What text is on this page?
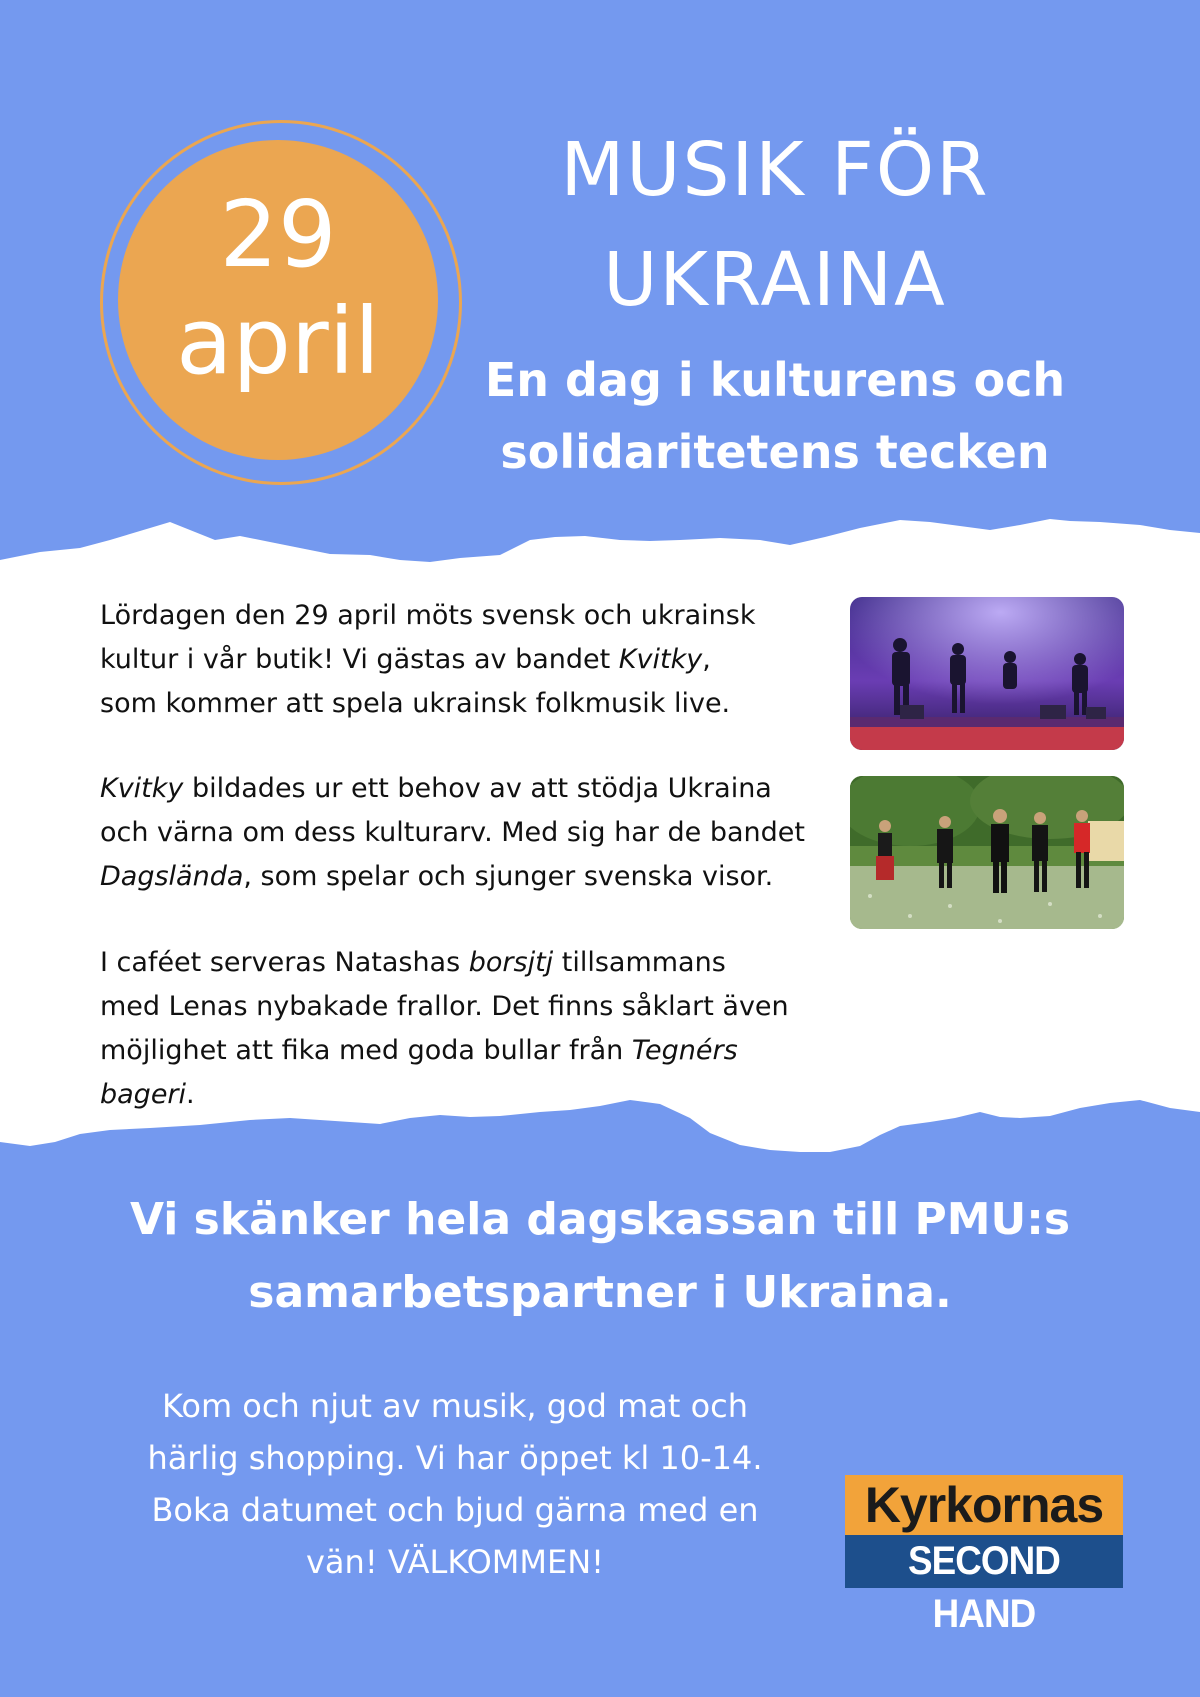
29
april
MUSIK FÖR
UKRAINA
En dag i kulturens och
solidaritetens tecken
Lördagen den 29 april möts svensk och ukrainsk
kultur i vår butik! Vi gästas av bandet Kvitky,
som kommer att spela ukrainsk folkmusik live.
Kvitky bildades ur ett behov av att stödja Ukraina
och värna om dess kulturarv. Med sig har de bandet
Dagslända, som spelar och sjunger svenska visor.
I caféet serveras Natashas borsjtj tillsammans
med Lenas nybakade frallor. Det finns såklart även
möjlighet att fika med goda bullar från Tegnérs
bageri.
Vi skänker hela dagskassan till PMU:s
samarbetspartner i Ukraina.
Kom och njut av musik, god mat och
härlig shopping. Vi har öppet kl 10-14.
Boka datumet och bjud gärna med en
vän! VÄLKOMMEN!
Kyrkornas
SECOND HAND
